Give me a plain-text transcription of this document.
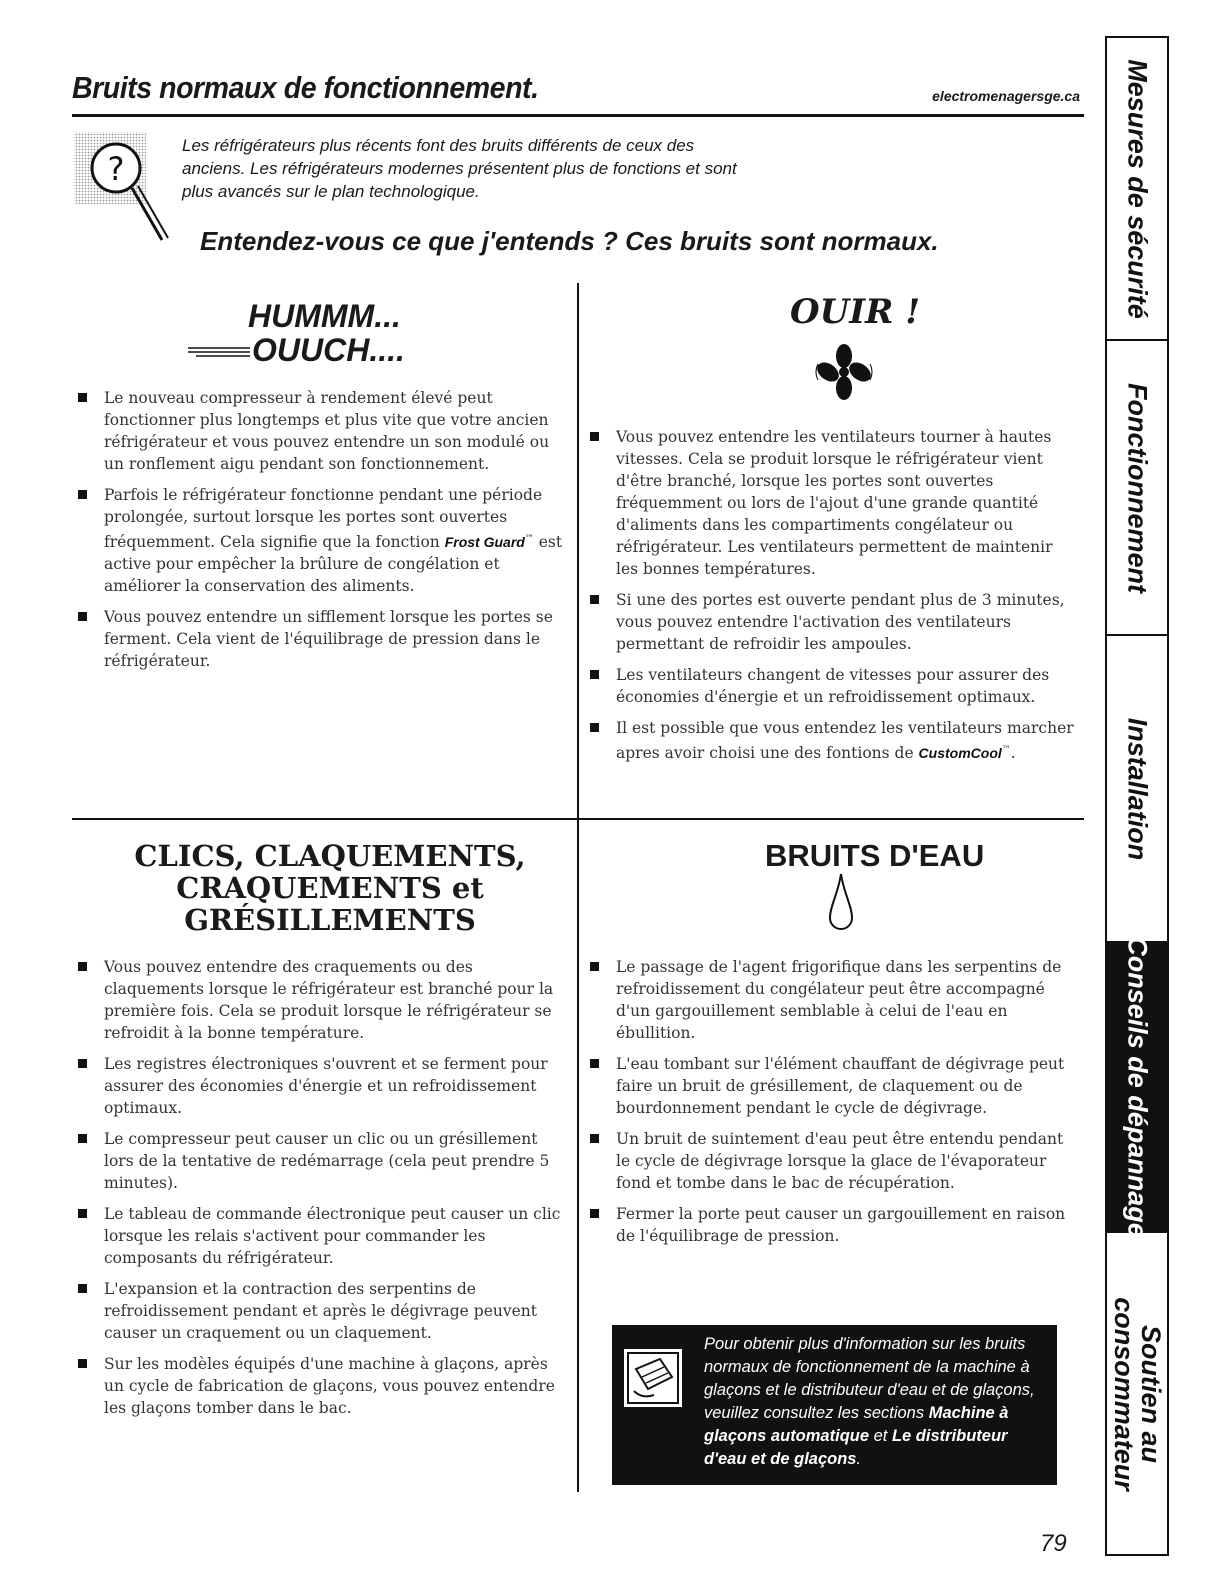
Bruits normaux de fonctionnement.	electromenagersge.ca
?
Les réfrigérateurs plus récents font des bruits différents de ceux des anciens. Les réfrigérateurs modernes présentent plus de fonctions et sont plus avancés sur le plan technologique.
Entendez-vous ce que j'entends ? Ces bruits sont normaux.
HUMMM...
OUUCH....
Le nouveau compresseur à rendement élevé peut fonctionner plus longtemps et plus vite que votre ancien réfrigérateur et vous pouvez entendre un son modulé ou un ronflement aigu pendant son fonctionnement.
Parfois le réfrigérateur fonctionne pendant une période prolongée, surtout lorsque les portes sont ouvertes fréquemment. Cela signifie que la fonction Frost Guard™ est active pour empêcher la brûlure de congélation et améliorer la conservation des aliments.
Vous pouvez entendre un sifflement lorsque les portes se ferment. Cela vient de l'équilibrage de pression dans le réfrigérateur.
OUIR !
Vous pouvez entendre les ventilateurs tourner à hautes vitesses. Cela se produit lorsque le réfrigérateur vient d'être branché, lorsque les portes sont ouvertes fréquemment ou lors de l'ajout d'une grande quantité d'aliments dans les compartiments congélateur ou réfrigérateur. Les ventilateurs permettent de maintenir les bonnes températures.
Si une des portes est ouverte pendant plus de 3 minutes, vous pouvez entendre l'activation des ventilateurs permettant de refroidir les ampoules.
Les ventilateurs changent de vitesses pour assurer des économies d'énergie et un refroidissement optimaux.
Il est possible que vous entendez les ventilateurs marcher apres avoir choisi une des fontions de CustomCool™.
CLICS, CLAQUEMENTS,
CRAQUEMENTS et
GRÉSILLEMENTS
Vous pouvez entendre des craquements ou des claquements lorsque le réfrigérateur est branché pour la première fois. Cela se produit lorsque le réfrigérateur se refroidit à la bonne température.
Les registres électroniques s'ouvrent et se ferment pour assurer des économies d'énergie et un refroidissement optimaux.
Le compresseur peut causer un clic ou un grésillement lors de la tentative de redémarrage (cela peut prendre 5 minutes).
Le tableau de commande électronique peut causer un clic lorsque les relais s'activent pour commander les composants du réfrigérateur.
L'expansion et la contraction des serpentins de refroidissement pendant et après le dégivrage peuvent causer un craquement ou un claquement.
Sur les modèles équipés d'une machine à glaçons, après un cycle de fabrication de glaçons, vous pouvez entendre les glaçons tomber dans le bac.
BRUITS D'EAU
Le passage de l'agent frigorifique dans les serpentins de refroidissement du congélateur peut être accompagné d'un gargouillement semblable à celui de l'eau en ébullition.
L'eau tombant sur l'élément chauffant de dégivrage peut faire un bruit de grésillement, de claquement ou de bourdonnement pendant le cycle de dégivrage.
Un bruit de suintement d'eau peut être entendu pendant le cycle de dégivrage lorsque la glace de l'évaporateur fond et tombe dans le bac de récupération.
Fermer la porte peut causer un gargouillement en raison de l'équilibrage de pression.
Pour obtenir plus d'information sur les bruits normaux de fonctionnement de la machine à glaçons et le distributeur d'eau et de glaçons, veuillez consultez les sections Machine à glaçons automatique et Le distributeur d'eau et de glaçons.
79
Mesures de sécurité
Fonctionnement
Installation
Conseils de dépannage
Soutien au
consommateur
